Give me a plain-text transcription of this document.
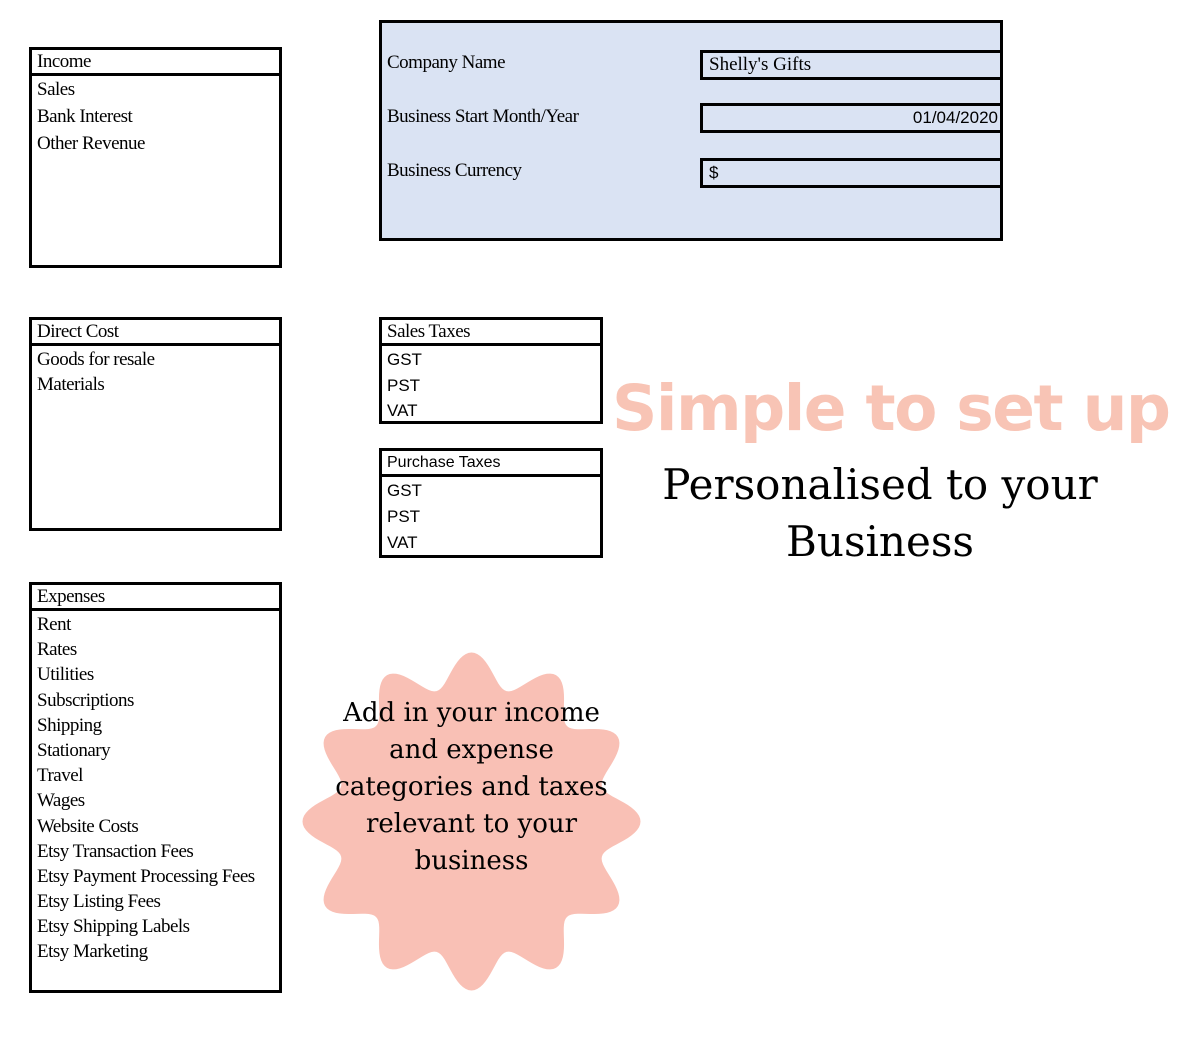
Income
Sales
Bank Interest
Other Revenue
Direct Cost
Goods for resale
Materials
Expenses
Rent
Rates
Utilities
Subscriptions
Shipping
Stationary
Travel
Wages
Website Costs
Etsy Transaction Fees
Etsy Payment Processing Fees
Etsy Listing Fees
Etsy Shipping Labels
Etsy Marketing
Company Name	Shelly's Gifts
Business Start Month/Year	01/04/2020
Business Currency	$
Sales Taxes
GST
PST
VAT
Purchase Taxes
GST
PST
VAT
Simple to set up
Personalised to your Business
Add in your income and expense categories and taxes relevant to your business
